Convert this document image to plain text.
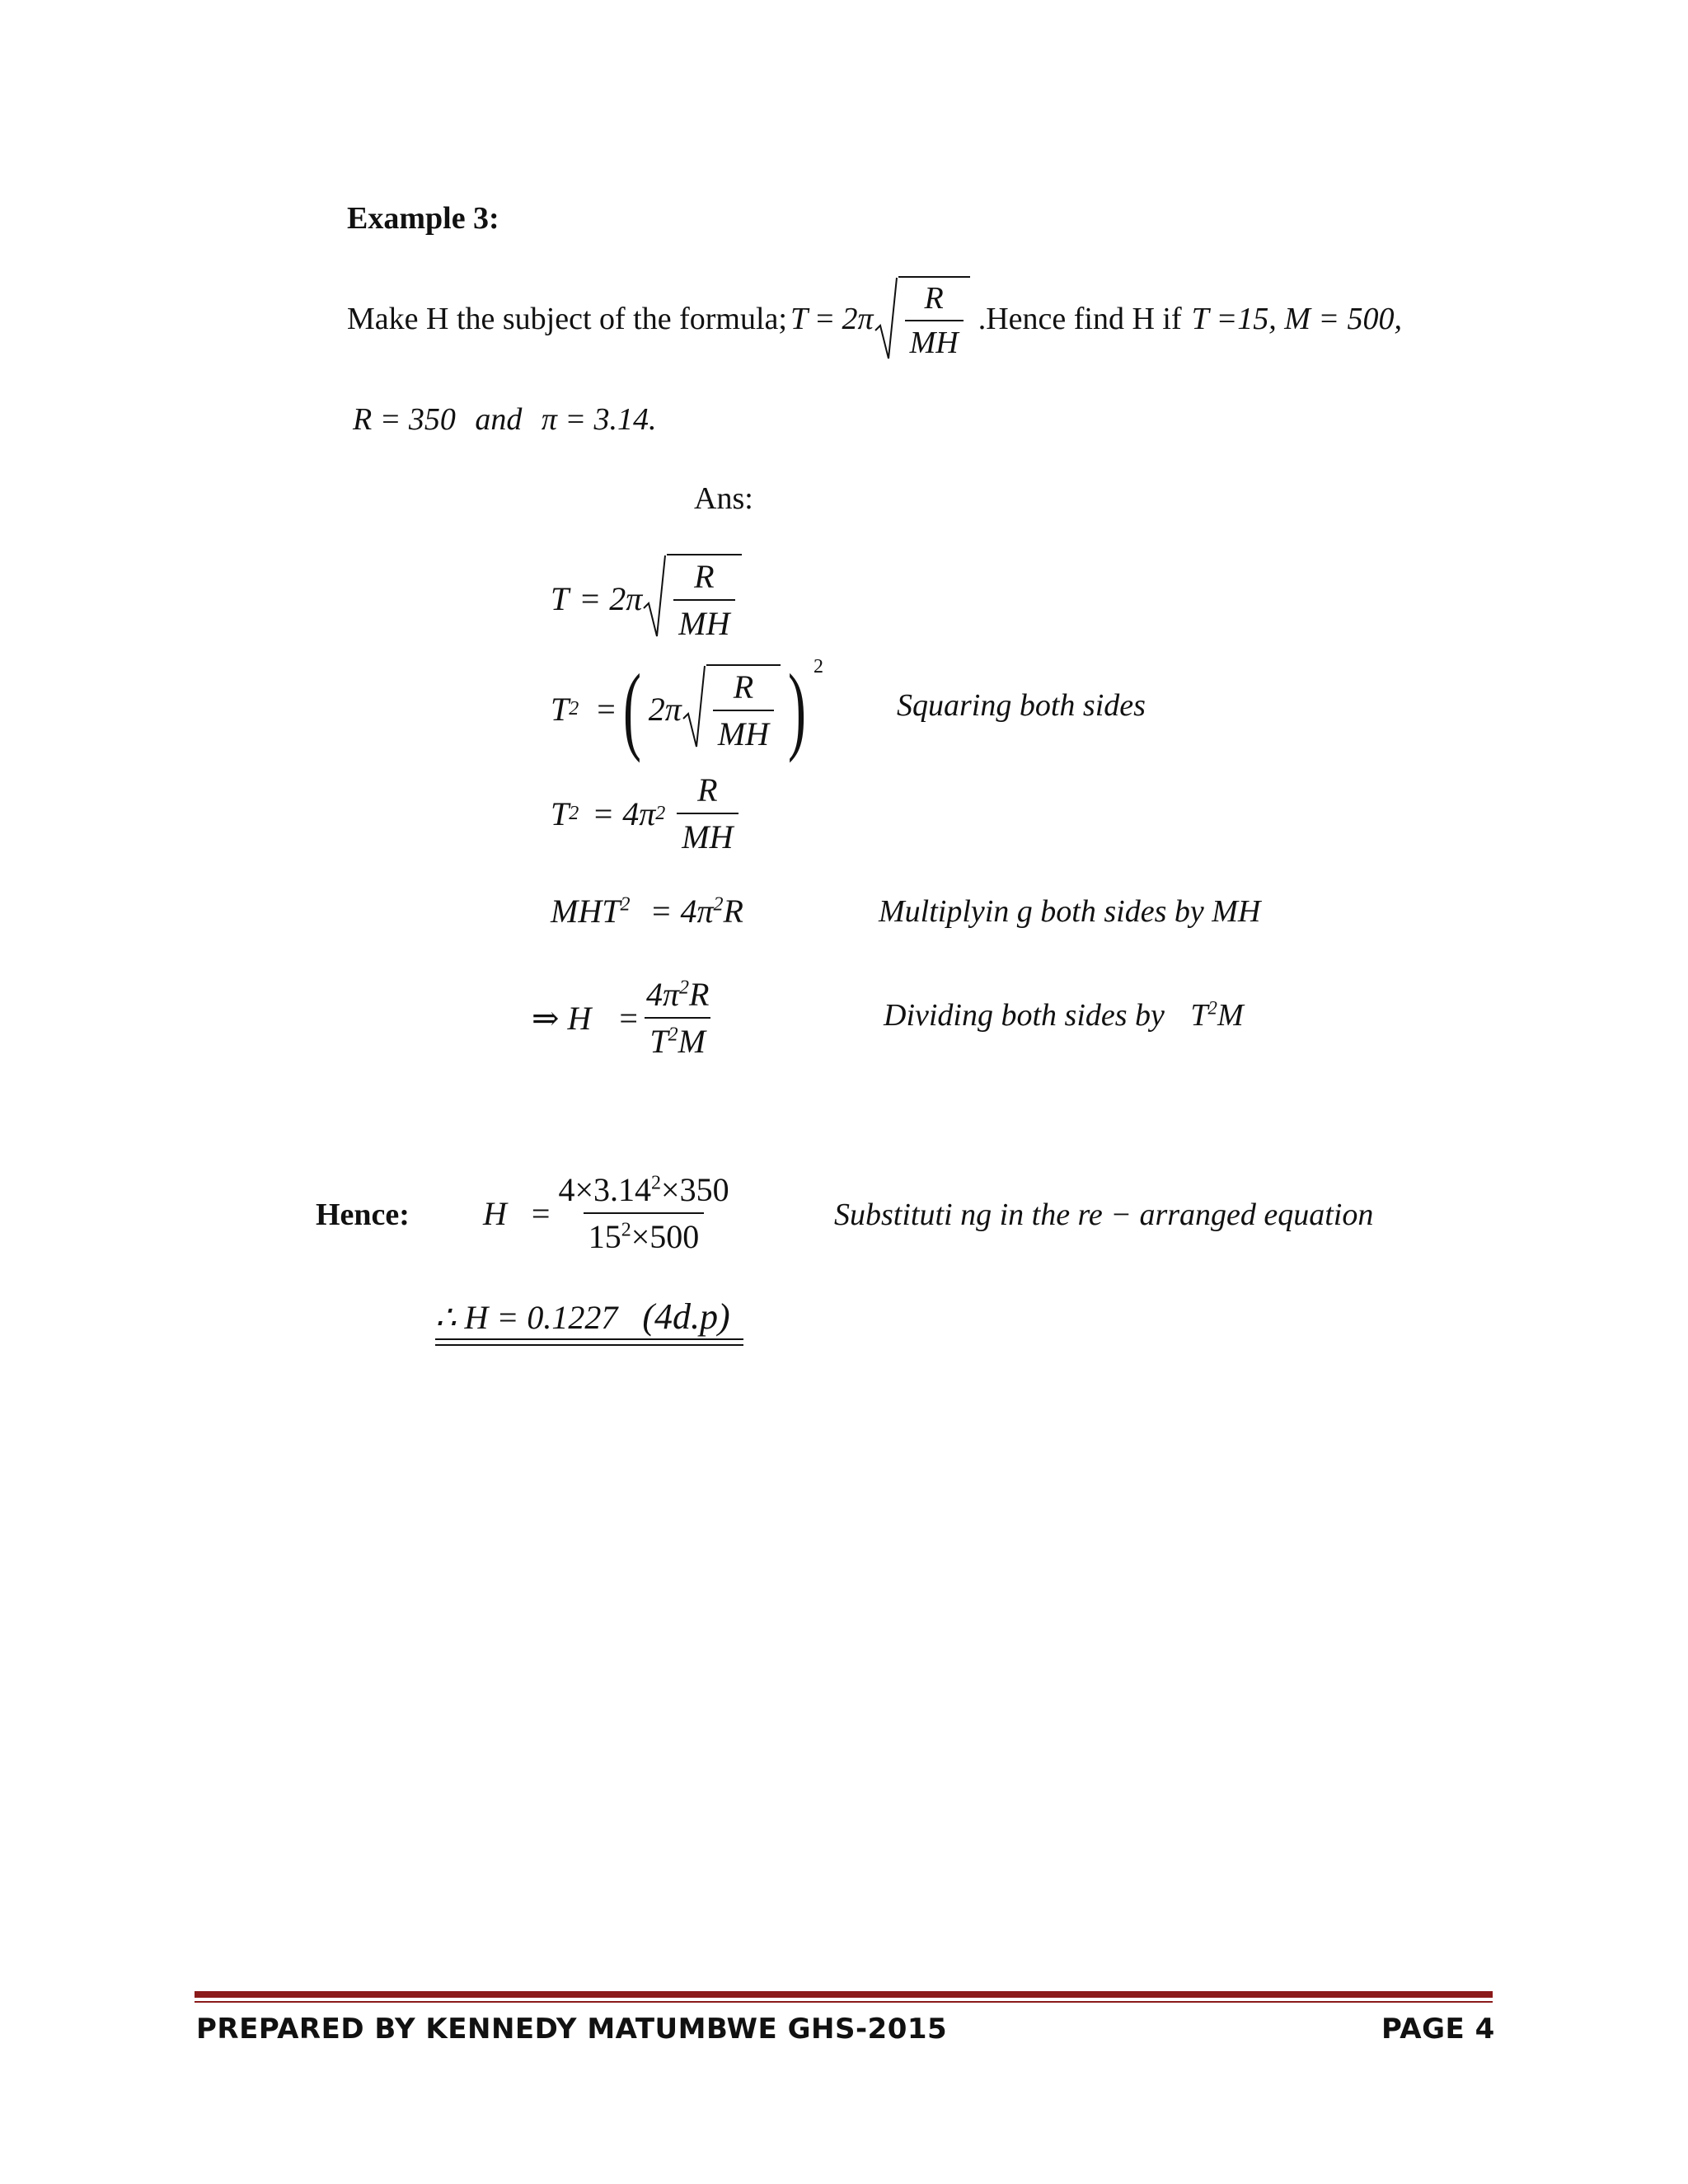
Example 3:
Make H the subject of the formula; $T = 2\pi \frac{R}{MH}$ .Hence find H if T =15, M = 500,
R = 350 and π = 3.14.
Ans:
$T = 2\pi \frac{R}{MH}$
T 2 = ( $2\pi \frac{R}{MH}$ ) 2
Squaring both sides
T 2 = 4π $2 \frac{R}{MH}$
$MHT^2 = 4\pi^2R$	Multiplyin g both sides by MH
⇒ $H = \frac{4\pi^2R}{T^2M}$	Dividing both sides by $T^2M$
Hence: $H = \frac{4\times 3.14^2\times 350}{15^2\times 500}$	Substituti ng in the re − arranged equation
∴ H = 0.1227 (4d.p)
PREPARED BY KENNEDY MATUMBWE GHS-2015	PAGE 4
